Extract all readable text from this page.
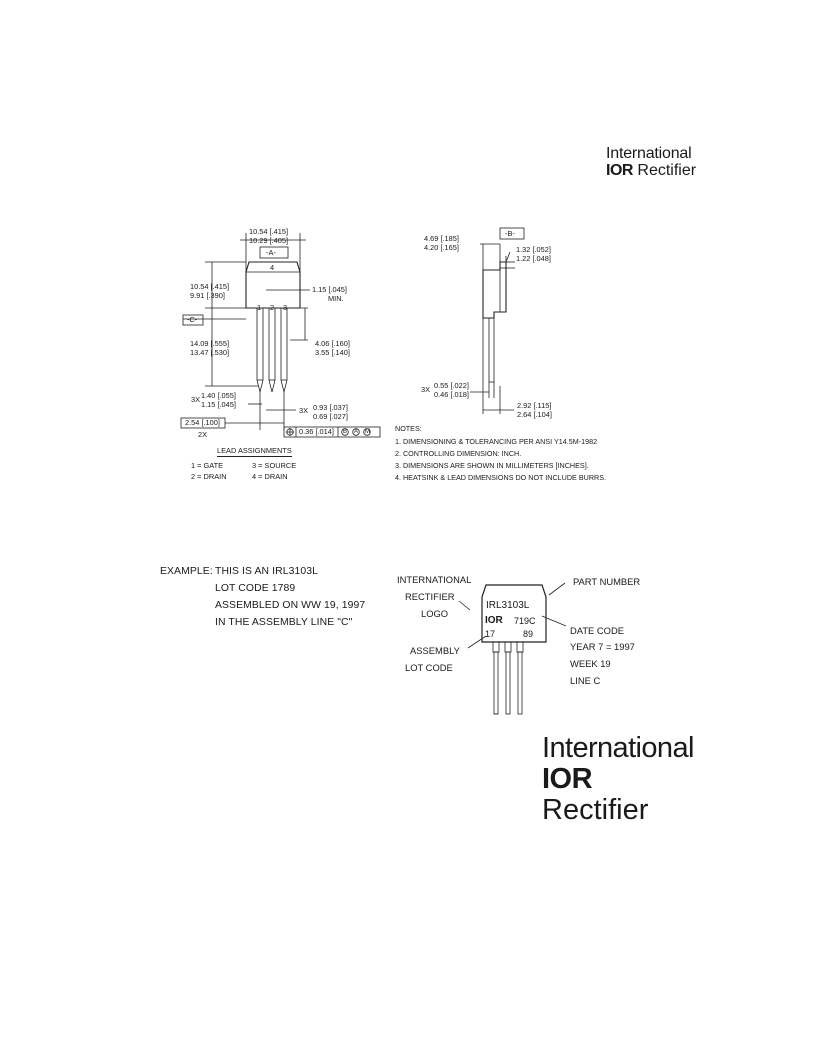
International
IOR Rectifier
10.54 [.415]
10.29 [.405]
-A-
4
10.54 [.415]
9.91 [.390]
1.15 [.045]
MIN.
1 2 3
-C-
14.09 [.555]
13.47 [.530]
4.06 [.160]
3.55 [.140]
3X 1.40 [.055]
1.15 [.045]
3X 0.93 [.037]
0.69 [.027]
2.54 [.100]
2X	0.36 [.014] B A M
LEAD ASSIGNMENTS
1 = GATE	3 = SOURCE
2 = DRAIN	4 = DRAIN
4.69 [.185]
4.20 [.165]
-B-
1.32 [.052]
1.22 [.048]
3X 0.55 [.022]
0.46 [.018]
2.92 [.115]
2.64 [.104]
NOTES:
1. DIMENSIONING & TOLERANCING PER ANSI Y14.5M-1982
2. CONTROLLING DIMENSION: INCH.
3. DIMENSIONS ARE SHOWN IN MILLIMETERS [INCHES].
4. HEATSINK & LEAD DIMENSIONS DO NOT INCLUDE BURRS.
EXAMPLE: THIS IS AN IRL3103L
LOT CODE 1789
ASSEMBLED ON WW 19, 1997
IN THE ASSEMBLY LINE "C"
INTERNATIONAL
RECTIFIER
LOGO
ASSEMBLY
LOT CODE
PART NUMBER
DATE CODE
YEAR 7 = 1997
WEEK 19
LINE C
IRL3103L
IOR 719C
17	89
International
IOR Rectifier
